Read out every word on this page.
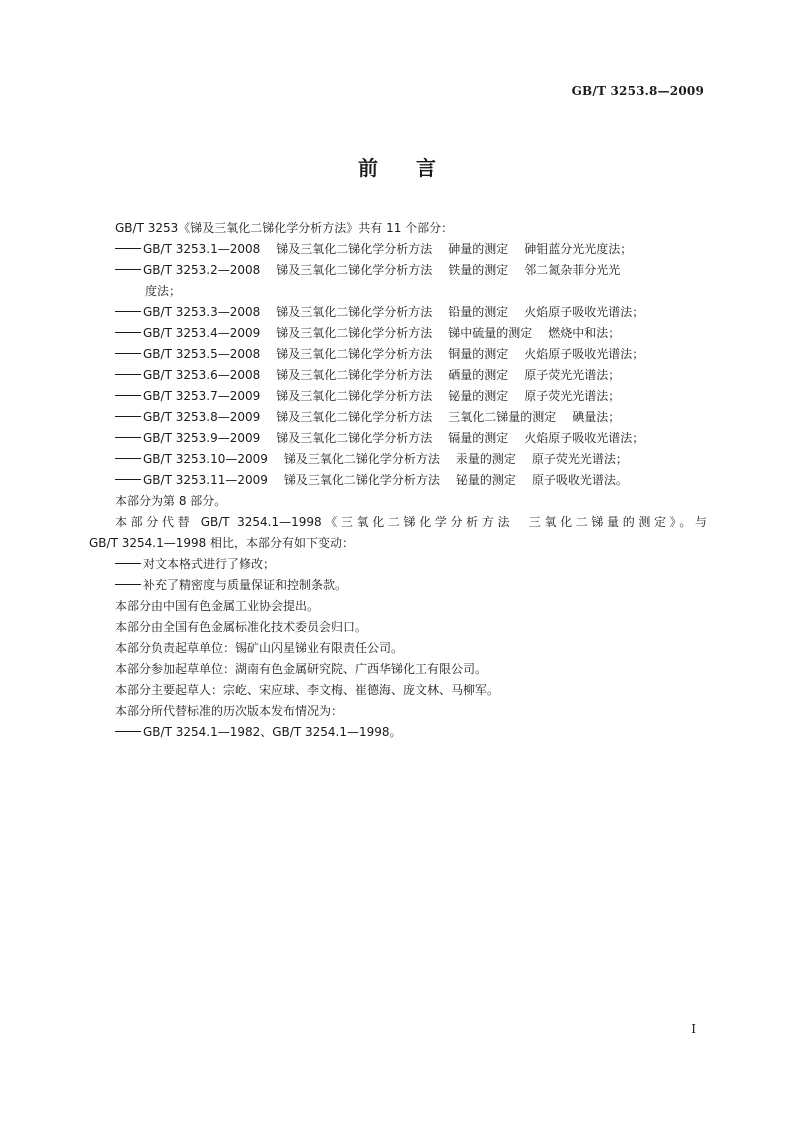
GB/T 3253.8—2009
前言
GB/T 3253《锑及三氧化二锑化学分析方法》共有 11 个部分：
GB/T 3253.1—2008 锑及三氧化二锑化学分析方法 砷量的测定 砷钼蓝分光光度法；
GB/T 3253.2—2008 锑及三氧化二锑化学分析方法 铁量的测定 邻二氮杂菲分光光
度法；
GB/T 3253.3—2008 锑及三氧化二锑化学分析方法 铅量的测定 火焰原子吸收光谱法；
GB/T 3253.4—2009 锑及三氧化二锑化学分析方法 锑中硫量的测定 燃烧中和法；
GB/T 3253.5—2008 锑及三氧化二锑化学分析方法 铜量的测定 火焰原子吸收光谱法；
GB/T 3253.6—2008 锑及三氧化二锑化学分析方法 硒量的测定 原子荧光光谱法；
GB/T 3253.7—2009 锑及三氧化二锑化学分析方法 铋量的测定 原子荧光光谱法；
GB/T 3253.8—2009 锑及三氧化二锑化学分析方法 三氧化二锑量的测定 碘量法；
GB/T 3253.9—2009 锑及三氧化二锑化学分析方法 镉量的测定 火焰原子吸收光谱法；
GB/T 3253.10—2009 锑及三氧化二锑化学分析方法 汞量的测定 原子荧光光谱法；
GB/T 3253.11—2009 锑及三氧化二锑化学分析方法 铋量的测定 原子吸收光谱法。
本部分为第 8 部分。
本部分代替 GB/T 3254.1—1998《三氧化二锑化学分析方法　三氧化二锑量的测定》。与
GB/T 3254.1—1998 相比，本部分有如下变动：
对文本格式进行了修改；
补充了精密度与质量保证和控制条款。
本部分由中国有色金属工业协会提出。
本部分由全国有色金属标准化技术委员会归口。
本部分负责起草单位：锡矿山闪星锑业有限责任公司。
本部分参加起草单位：湖南有色金属研究院、广西华锑化工有限公司。
本部分主要起草人：宗屹、宋应球、李文梅、崔德海、庞文林、马柳军。
本部分所代替标准的历次版本发布情况为：
GB/T 3254.1—1982、GB/T 3254.1—1998。
I
